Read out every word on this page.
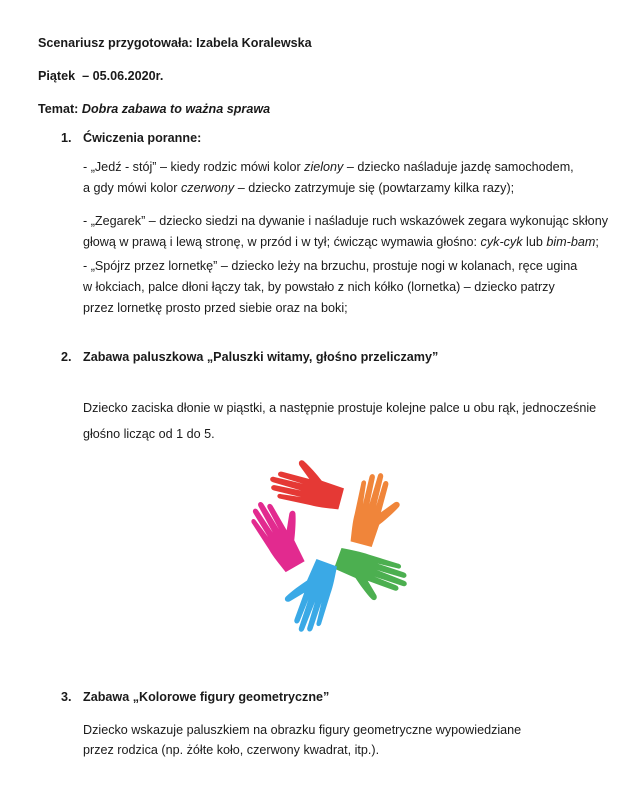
Scenariusz przygotowała: Izabela Koralewska
Piątek – 05.06.2020r.
Temat: Dobra zabawa to ważna sprawa
1. Ćwiczenia poranne:
- „Jedź - stój” – kiedy rodzic mówi kolor zielony – dziecko naśladuje jazdę samochodem,
a gdy mówi kolor czerwony – dziecko zatrzymuje się (powtarzamy kilka razy);
- „Zegarek” – dziecko siedzi na dywanie i naśladuje ruch wskazówek zegara wykonując skłony
głową w prawą i lewą stronę, w przód i w tył; ćwicząc wymawia głośno: cyk-cyk lub bim-bam;
- „Spójrz przez lornetkę” – dziecko leży na brzuchu, prostuje nogi w kolanach, ręce ugina
w łokciach, palce dłoni łączy tak, by powstało z nich kółko (lornetka) – dziecko patrzy
przez lornetkę prosto przed siebie oraz na boki;
2. Zabawa paluszkowa „Paluszki witamy, głośno przeliczamy”
Dziecko zaciska dłonie w piąstki, a następnie prostuje kolejne palce u obu rąk, jednocześnie
głośno licząc od 1 do 5.
3. Zabawa „Kolorowe figury geometryczne”
Dziecko wskazuje paluszkiem na obrazku figury geometryczne wypowiedziane
przez rodzica (np. żółte koło, czerwony kwadrat, itp.).
